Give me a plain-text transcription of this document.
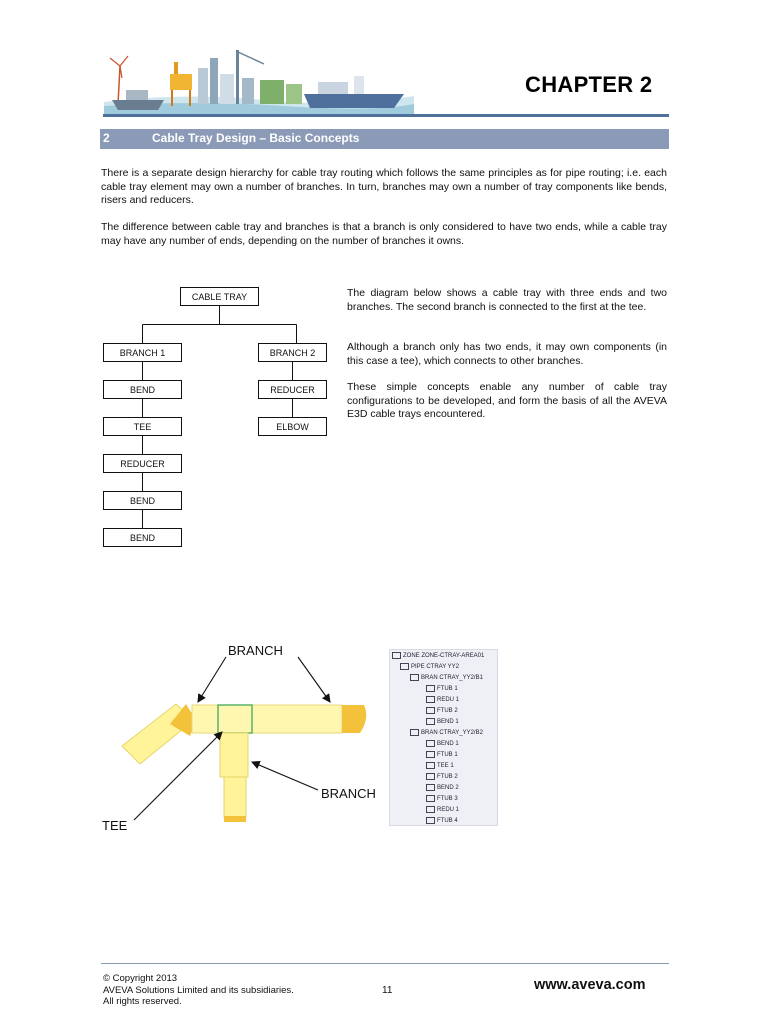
CHAPTER 2
2	Cable Tray Design – Basic Concepts
There is a separate design hierarchy for cable tray routing which follows the same principles as for pipe routing; i.e. each cable tray element may own a number of branches. In turn, branches may own a number of tray components like bends, risers and reducers.
The difference between cable tray and branches is that a branch is only considered to have two ends, while a cable tray may have any number of ends, depending on the number of branches it owns.
CABLE TRAY
BRANCH 1
BEND
TEE
REDUCER
BEND
BEND
BRANCH 2
REDUCER
ELBOW
The diagram below shows a cable tray with three ends and two branches. The second branch is connected to the first at the tee.
Although a branch only has two ends, it may own components (in this case a tee), which connects to other branches.
These simple concepts enable any number of cable tray configurations to be developed, and form the basis of all the AVEVA E3D cable trays encountered.
BRANCH
BRANCH
TEE
ZONE ZONE-CTRAY-AREA01
PIPE CTRAY YY2
BRAN CTRAY_YY2/B1
FTUB 1
REDU 1
FTUB 2
BEND 1
BRAN CTRAY_YY2/B2
BEND 1
FTUB 1
TEE 1
FTUB 2
BEND 2
FTUB 3
REDU 1
FTUB 4
© Copyright 2013
AVEVA Solutions Limited and its subsidiaries.
All rights reserved.
11	www.aveva.com
